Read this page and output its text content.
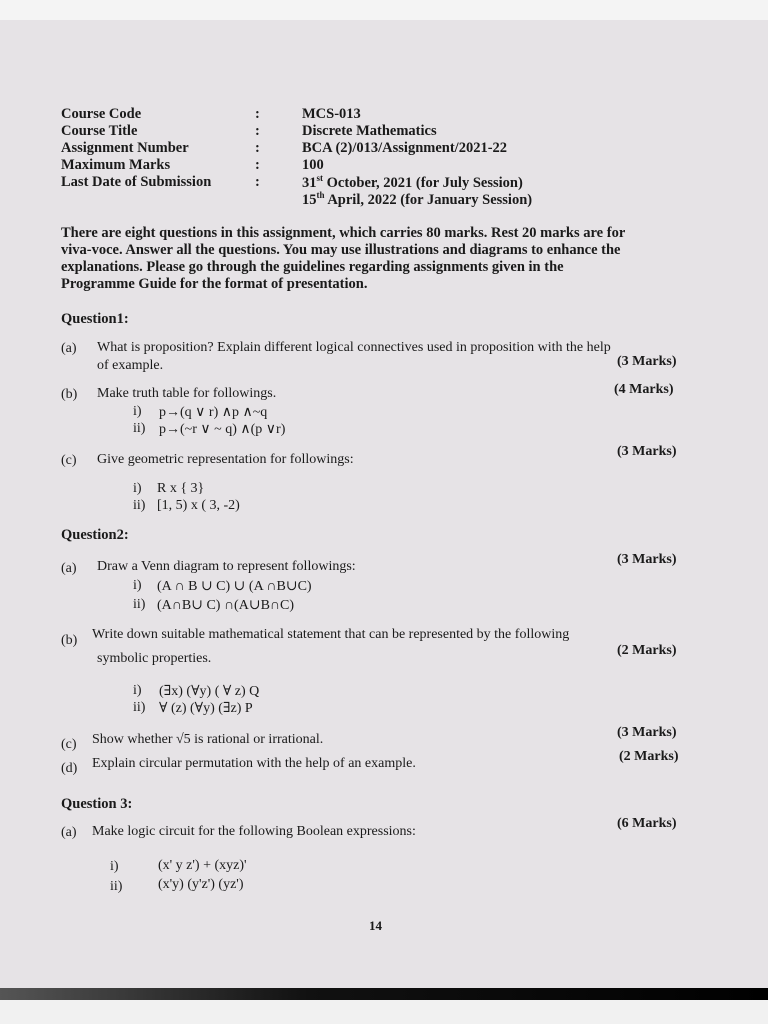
Course Code	:	MCS-013
Course Title	:	Discrete Mathematics
Assignment Number	:	BCA (2)/013/Assignment/2021-22
Maximum Marks	:	100
Last Date of Submission	:	31st October, 2021 (for July Session)
15th April, 2022 (for January Session)
There are eight questions in this assignment, which carries 80 marks. Rest 20 marks are for
viva-voce. Answer all the questions. You may use illustrations and diagrams to enhance the
explanations. Please go through the guidelines regarding assignments given in the
Programme Guide for the format of presentation.
Question1:
(a) What is proposition? Explain different logical connectives used in proposition with the help
of example.	(3 Marks)
(b) Make truth table for followings.	(4 Marks)
i) p→(q ∨ r) ∧p ∧~q
ii) p→(~r ∨ ~ q) ∧(p ∨r)
(c) Give geometric representation for followings:
(3 Marks)
i) R x { 3}
ii) [1, 5) x ( 3, -2)
Question2:
(a) Draw a Venn diagram to represent followings:	(3 Marks)
i) (A ∩ B ∪ C) ∪ (A ∩B∪C)
ii) (A∩B∪ C) ∩(A∪B∩C)
(b) Write down suitable mathematical statement that can be represented by the following
symbolic properties.
(2 Marks)
i) (∃x) (∀y) ( ∀ z) Q
ii) ∀ (z) (∀y) (∃z) P
(c) Show whether √5 is rational or irrational.	(3 Marks)
(d) Explain circular permutation with the help of an example.	(2 Marks)
Question 3:
(a) Make logic circuit for the following Boolean expressions:
(6 Marks)
i)	(x' y z') + (xyz)'
ii)	(x'y) (y'z') (yz')
14
